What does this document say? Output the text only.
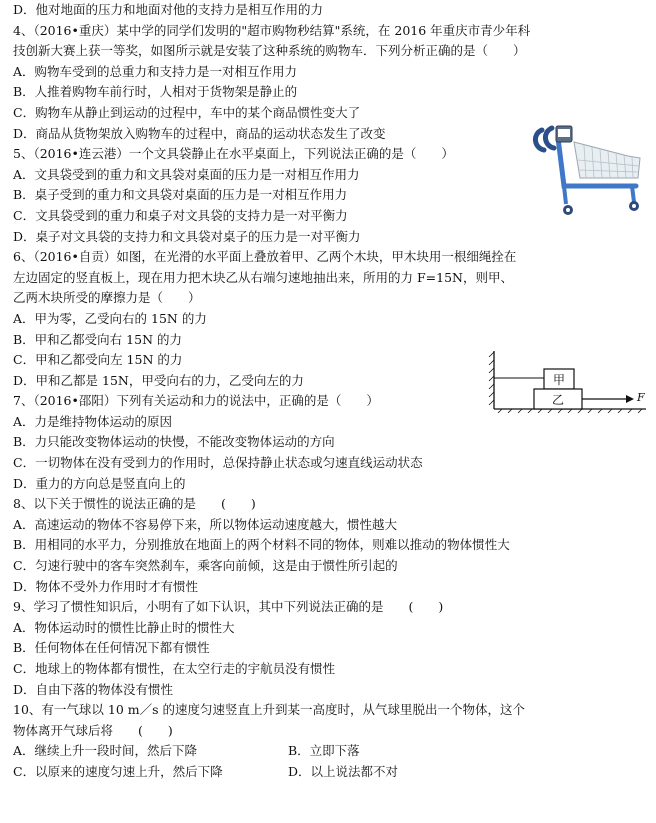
D．他对地面的压力和地面对他的支持力是相互作用的力
4、（2016•重庆）某中学的同学们发明的"超市购物秒结算"系统，在 2016 年重庆市青少年科
技创新大赛上获一等奖，如图所示就是安装了这种系统的购物车．下列分析正确的是（　　）
A．购物车受到的总重力和支持力是一对相互作用力
B．人推着购物车前行时，人相对于货物架是静止的
C．购物车从静止到运动的过程中，车中的某个商品惯性变大了
D．商品从货物架放入购物车的过程中，商品的运动状态发生了改变
5、（2016•连云港）一个文具袋静止在水平桌面上，下列说法正确的是（　　）
A．文具袋受到的重力和文具袋对桌面的压力是一对相互作用力
B．桌子受到的重力和文具袋对桌面的压力是一对相互作用力
C．文具袋受到的重力和桌子对文具袋的支持力是一对平衡力
D．桌子对文具袋的支持力和文具袋对桌子的压力是一对平衡力
6、（2016•自贡）如图，在光滑的水平面上叠放着甲、乙两个木块，甲木块用一根细绳拴在
左边固定的竖直板上，现在用力把木块乙从右端匀速地抽出来，所用的力 F=15N，则甲、
乙两木块所受的摩擦力是（　　）
A．甲为零，乙受向右的 15N 的力
B．甲和乙都受向右 15N 的力
C．甲和乙都受向左 15N 的力
D．甲和乙都是 15N，甲受向右的力，乙受向左的力
7、（2016•邵阳）下列有关运动和力的说法中，正确的是（　　）
A．力是维持物体运动的原因
B．力只能改变物体运动的快慢，不能改变物体运动的方向
C．一切物体在没有受到力的作用时，总保持静止状态或匀速直线运动状态
D．重力的方向总是竖直向上的
8、以下关于惯性的说法正确的是　　(　　)
A．高速运动的物体不容易停下来，所以物体运动速度越大，惯性越大
B．用相同的水平力，分别推放在地面上的两个材料不同的物体，则难以推动的物体惯性大
C．匀速行驶中的客车突然刹车，乘客向前倾，这是由于惯性所引起的
D．物体不受外力作用时才有惯性
9、学习了惯性知识后，小明有了如下认识，其中下列说法正确的是　　(　　)
A．物体运动时的惯性比静止时的惯性大
B．任何物体在任何情况下都有惯性
C．地球上的物体都有惯性，在太空行走的宇航员没有惯性
D．自由下落的物体没有惯性
10、有一气球以 10 m／s 的速度匀速竖直上升到某一高度时，从气球里脱出一个物体，这个
物体离开气球后将　　(　　)
A．继续上升一段时间，然后下降	B．立即下落
C．以原来的速度匀速上升，然后下降	D．以上说法都不对
甲
乙	F
